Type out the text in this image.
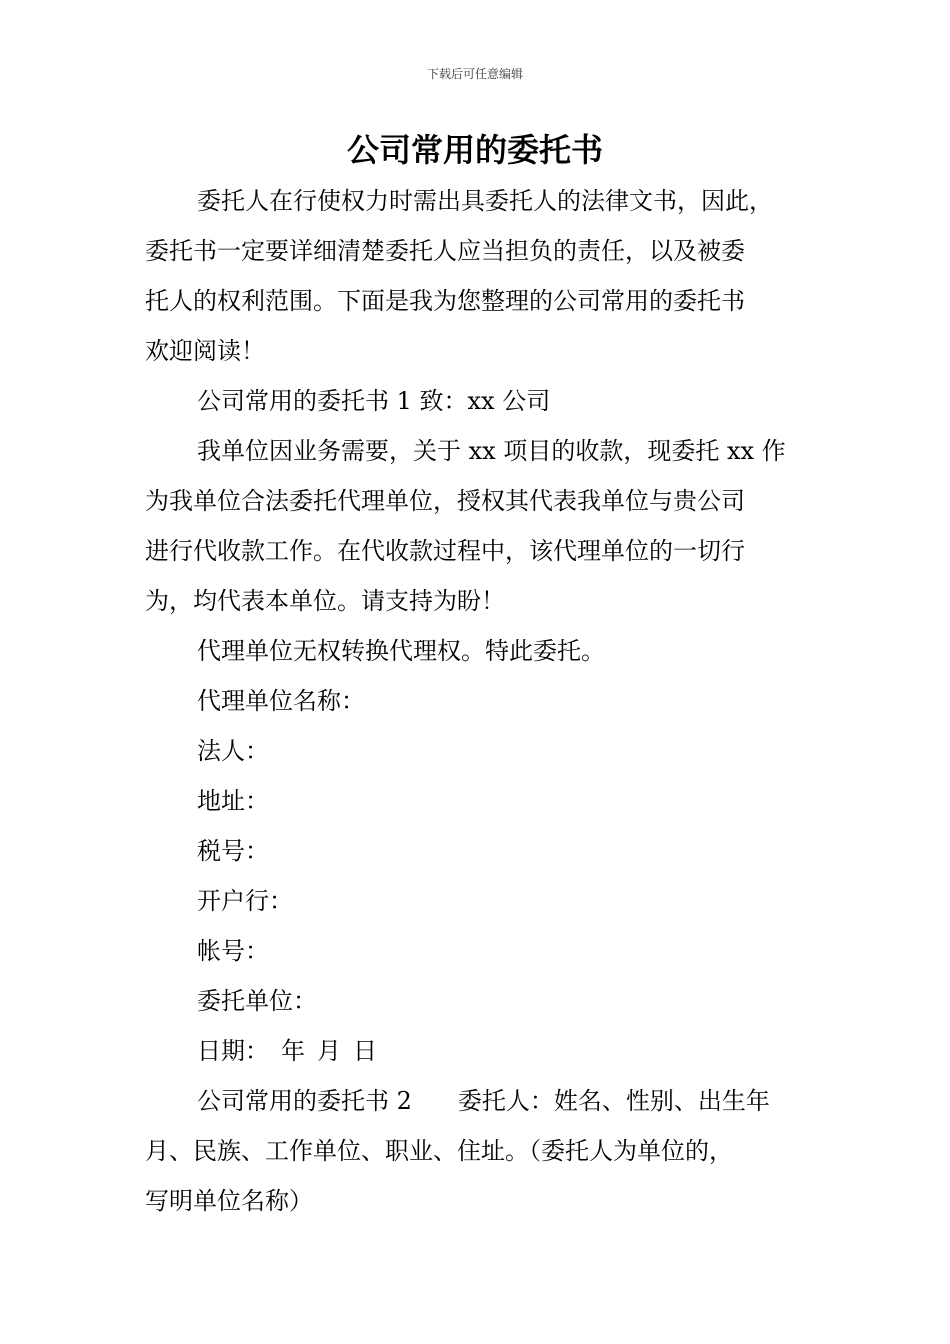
下载后可任意编辑
公司常用的委托书

委托人在行使权力时需出具委托人的法律文书，因此，

委托书一定要详细清楚委托人应当担负的责任，以及被委

托人的权利范围。下面是我为您整理的公司常用的委托书

欢迎阅读！

公司常用的委托书 1 致：xx 公司

我单位因业务需要，关于 xx 项目的收款，现委托 xx 作

为我单位合法委托代理单位，授权其代表我单位与贵公司

进行代收款工作。在代收款过程中，该代理单位的一切行

为，均代表本单位。请支持为盼！

代理单位无权转换代理权。特此委托。

代理单位名称：

法人：

地址：

税号：

开户行：

帐号：

委托单位：

日期： 年 月 日

公司常用的委托书 2 委托人：姓名、性别、出生年

月、民族、工作单位、职业、住址。（委托人为单位的，

写明单位名称）
